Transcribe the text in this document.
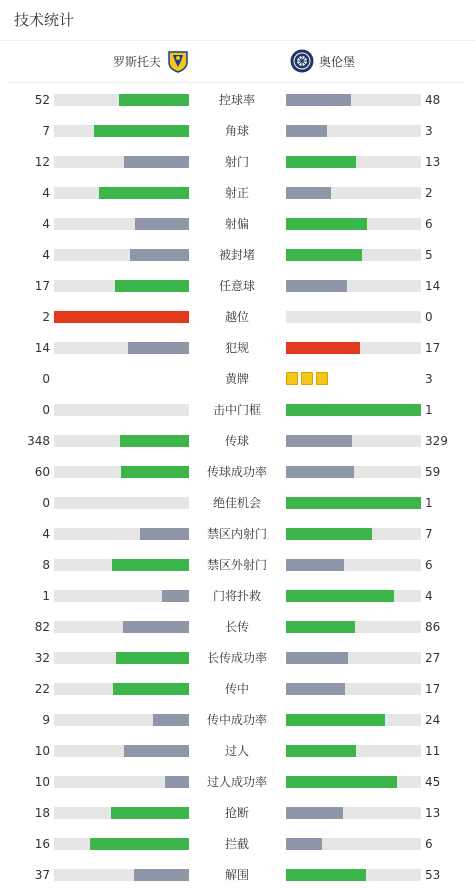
技术统计
罗斯托夫	奥伦堡
52	控球率	48
7	角球	3
12	射门	13
4	射正	2
4	射偏	6
4	被封堵	5
17	任意球	14
2	越位	0
14	犯规	17
0	黄牌	3
0	击中门框	1
348	传球	329
60	传球成功率	59
0	绝佳机会	1
4	禁区内射门	7
8	禁区外射门	6
1	门将扑救	4
82	长传	86
32	长传成功率	27
22	传中	17
9	传中成功率	24
10	过人	11
10	过人成功率	45
18	抢断	13
16	拦截	6
37	解围	53
